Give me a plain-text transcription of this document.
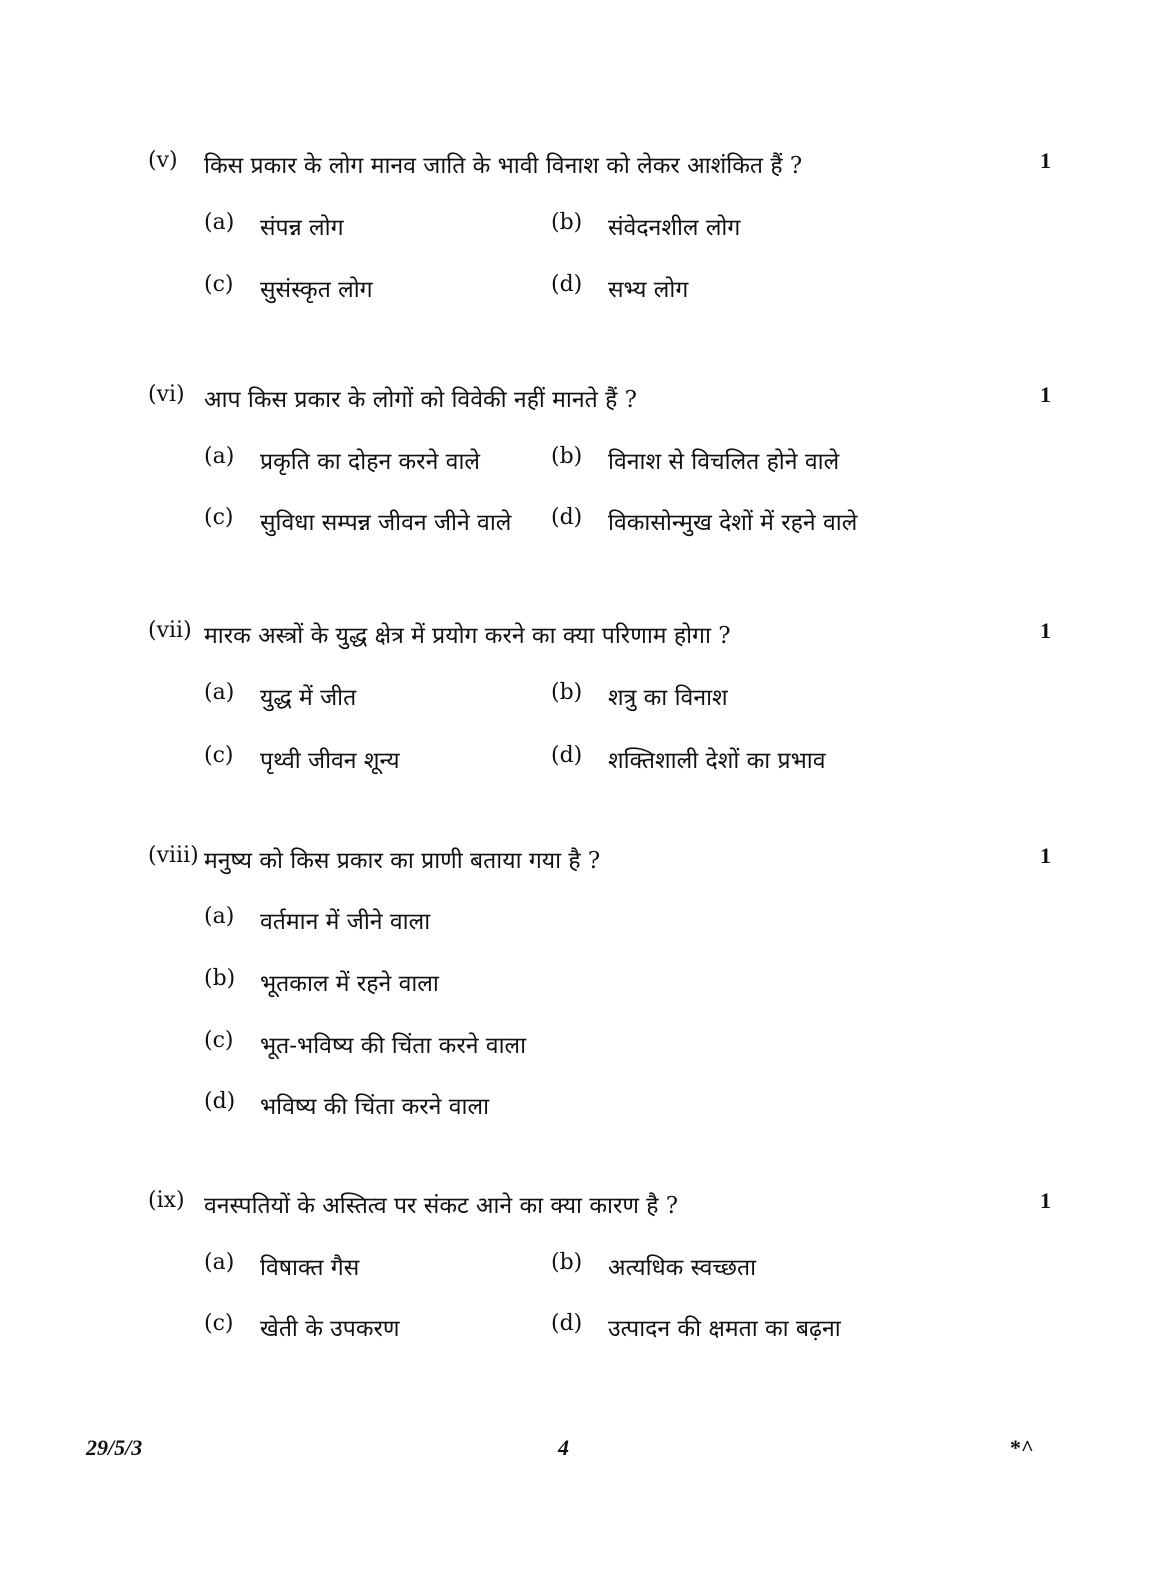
(v) किस प्रकार के लोग मानव जाति के भावी विनाश को लेकर आशंकित हैं ?	1
(a) संपन्न लोग	(b) संवेदनशील लोग
(c) सुसंस्कृत लोग	(d) सभ्य लोग
(vi) आप किस प्रकार के लोगों को विवेकी नहीं मानते हैं ?	1
(a) प्रकृति का दोहन करने वाले	(b) विनाश से विचलित होने वाले
(c) सुविधा सम्पन्न जीवन जीने वाले (d) विकासोन्मुख देशों में रहने वाले
(vii) मारक अस्त्रों के युद्ध क्षेत्र में प्रयोग करने का क्या परिणाम होगा ?	1
(a) युद्ध में जीत	(b) शत्रु का विनाश
(c) पृथ्वी जीवन शून्य	(d) शक्तिशाली देशों का प्रभाव
(viii) मनुष्य को किस प्रकार का प्राणी बताया गया है ?	1
(a) वर्तमान में जीने वाला
(b) भूतकाल में रहने वाला
(c) भूत-भविष्य की चिंता करने वाला
(d) भविष्य की चिंता करने वाला
(ix) वनस्पतियों के अस्तित्व पर संकट आने का क्या कारण है ?	1
(a) विषाक्त गैस	(b) अत्यधिक स्वच्छता
(c) खेती के उपकरण	(d) उत्पादन की क्षमता का बढ़ना
29/5/3	4	*^
